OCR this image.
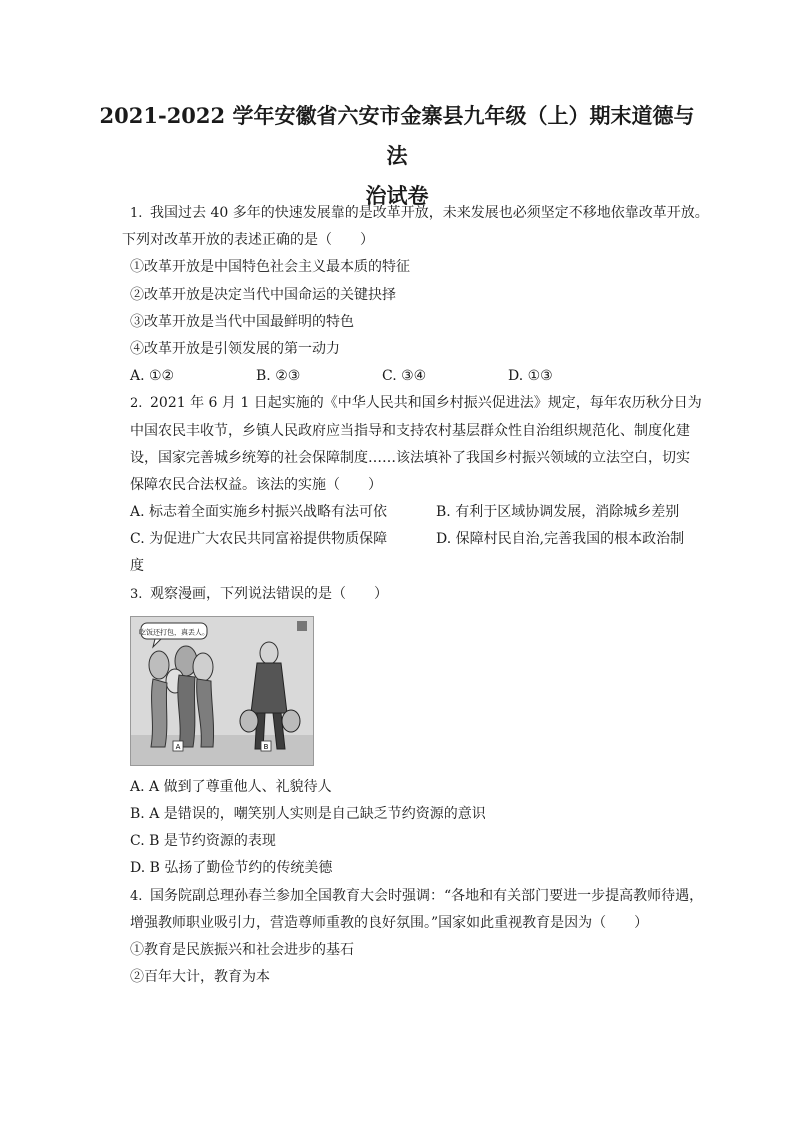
2021-2022 学年安徽省六安市金寨县九年级（上）期末道德与法
治试卷
1. 我国过去 40 多年的快速发展靠的是改革开放，未来发展也必须坚定不移地依靠改革开放。
下列对改革开放的表述正确的是（　　）
①改革开放是中国特色社会主义最本质的特征
②改革开放是决定当代中国命运的关键抉择
③改革开放是当代中国最鲜明的特色
④改革开放是引领发展的第一动力
A. ①②	B. ②③	C. ③④	D. ①③
2. 2021 年 6 月 1 日起实施的《中华人民共和国乡村振兴促进法》规定，每年农历秋分日为
中国农民丰收节，乡镇人民政府应当指导和支持农村基层群众性自治组织规范化、制度化建
设，国家完善城乡统筹的社会保障制度……该法填补了我国乡村振兴领域的立法空白，切实
保障农民合法权益。该法的实施（　　）
A. 标志着全面实施乡村振兴战略有法可依	B. 有利于区域协调发展，消除城乡差别
C. 为促进广大农民共同富裕提供物质保障	D. 保障村民自治,完善我国的根本政治制
度
3. 观察漫画，下列说法错误的是（　　）
吃饭还打包，真丢人。
A	B
A. A 做到了尊重他人、礼貌待人
B. A 是错误的，嘲笑别人实则是自己缺乏节约资源的意识
C. B 是节约资源的表现
D. B 弘扬了勤俭节约的传统美德
4. 国务院副总理孙春兰参加全国教育大会时强调：“各地和有关部门要进一步提高教师待遇，
增强教师职业吸引力，营造尊师重教的良好氛围。”国家如此重视教育是因为（　　）
①教育是民族振兴和社会进步的基石
②百年大计，教育为本
